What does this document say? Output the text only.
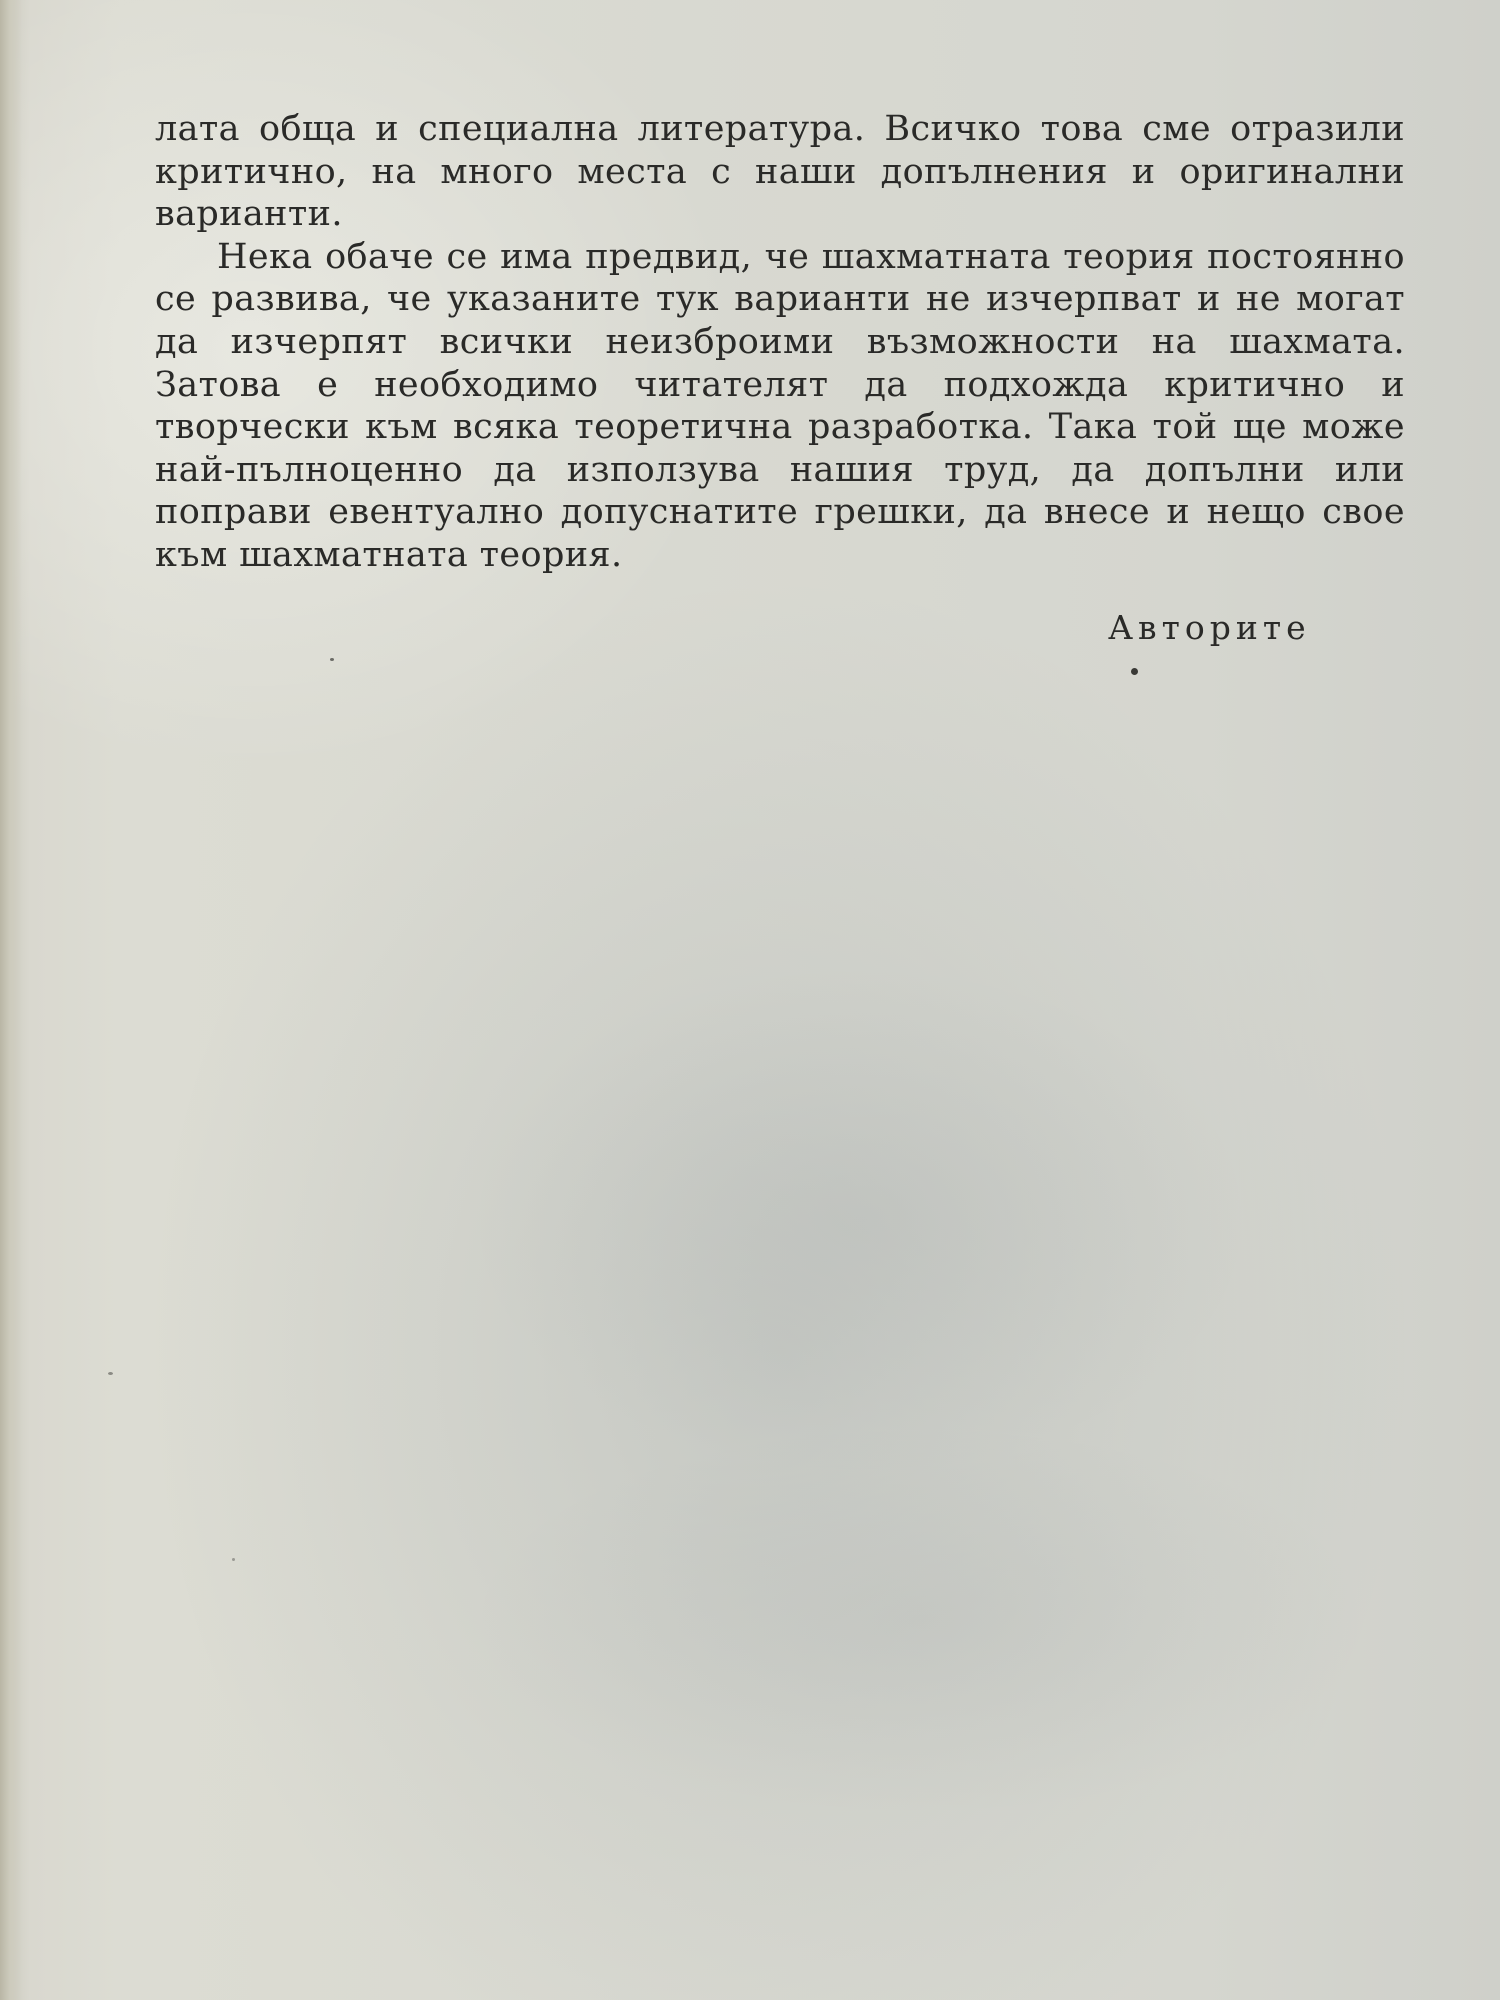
лата обща и специална литература. Всичко това сме отразили критично, на много места с наши допълнения и оригинални варианти.

Нека обаче се има предвид, че шахматната теория постоянно се развива, че указаните тук варианти не изчерпват и не могат да изчерпят всички неизброими възможности на шахмата. Затова е необходимо читателят да подхожда критично и творчески към всяка теоретична разработка. Така той ще може най-пълноценно да използува нашия труд, да допълни или поправи евентуално допуснатите грешки, да внесе и нещо свое към шахматната теория.

Авторите
